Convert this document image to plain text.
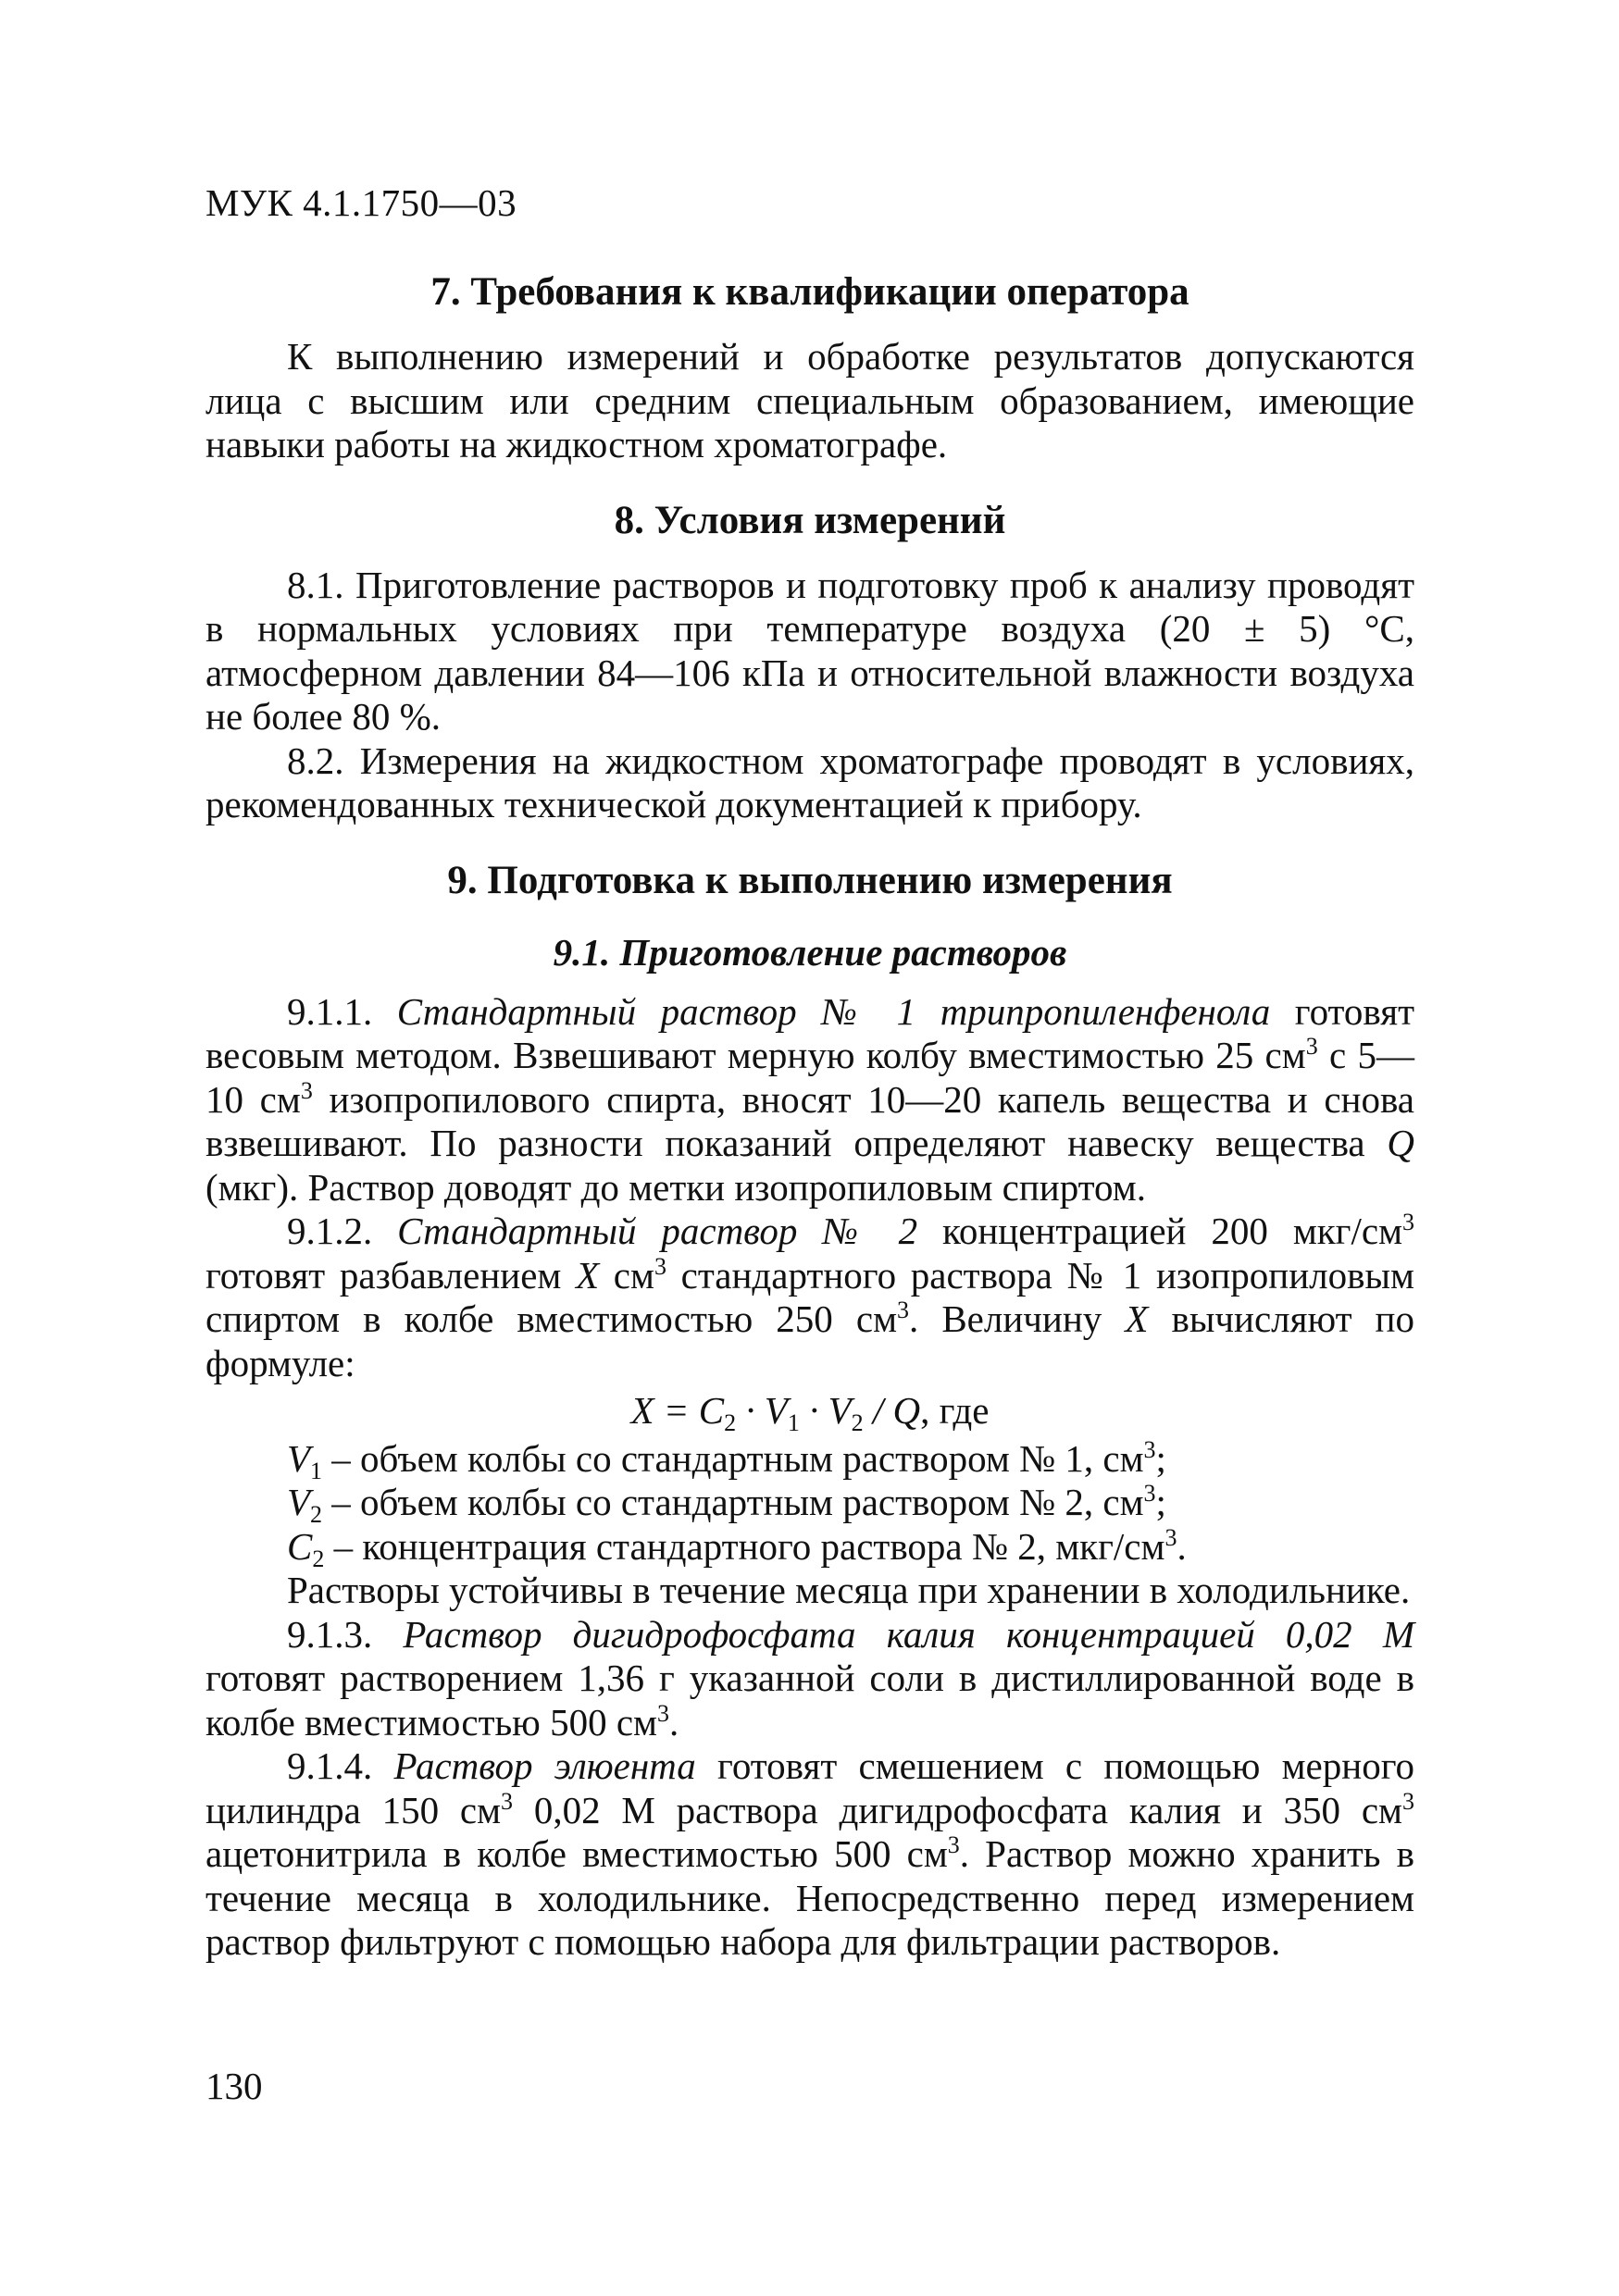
МУК 4.1.1750—03
7. Требования к квалификации оператора

К выполнению измерений и обработке результатов допускаются лица с высшим или средним специальным образованием, имеющие навыки работы на жидкостном хроматографе.

8. Условия измерений

8.1. Приготовление растворов и подготовку проб к анализу проводят в нормальных условиях при температуре воздуха (20 ± 5) °С, атмосферном давлении 84—106 кПа и относительной влажности воздуха не более 80 %.

8.2. Измерения на жидкостном хроматографе проводят в условиях, рекомендованных технической документацией к прибору.

9. Подготовка к выполнению измерения
9.1. Приготовление растворов

9.1.1. Стандартный раствор № 1 трипропиленфенола готовят весовым методом. Взвешивают мерную колбу вместимостью 25 $см^3$ с 5—10 $см^3$ изопропилового спирта, вносят 10—20 капель вещества и снова взвешивают. По разности показаний определяют навеску вещества Q (мкг). Раствор доводят до метки изопропиловым спиртом.

9.1.2. Стандартный раствор № 2 концентрацией 200 мкг/$см^3$ готовят разбавлением X $см^3$ стандартного раствора № 1 изопропиловым спиртом в колбе вместимостью 250 $см^3$. Величину X вычисляют по формуле:

$X = C_2 \cdot V_1 \cdot V_2 / Q$, где
$V_1$ – объем колбы со стандартным раствором № 1, $см^3$;
$V_2$ – объем колбы со стандартным раствором № 2, $см^3$;
$C_2$ – концентрация стандартного раствора № 2, мкг/$см^3$.
Растворы устойчивы в течение месяца при хранении в холодильнике.

9.1.3. Раствор дигидрофосфата калия концентрацией 0,02 М готовят растворением 1,36 г указанной соли в дистиллированной воде в колбе вместимостью 500 $см^3$.

9.1.4. Раствор элюента готовят смешением с помощью мерного цилиндра 150 $см^3$ 0,02 М раствора дигидрофосфата калия и 350 $см^3$ ацетонитрила в колбе вместимостью 500 $см^3$. Раствор можно хранить в течение месяца в холодильнике. Непосредственно перед измерением раствор фильтруют с помощью набора для фильтрации растворов.

130
